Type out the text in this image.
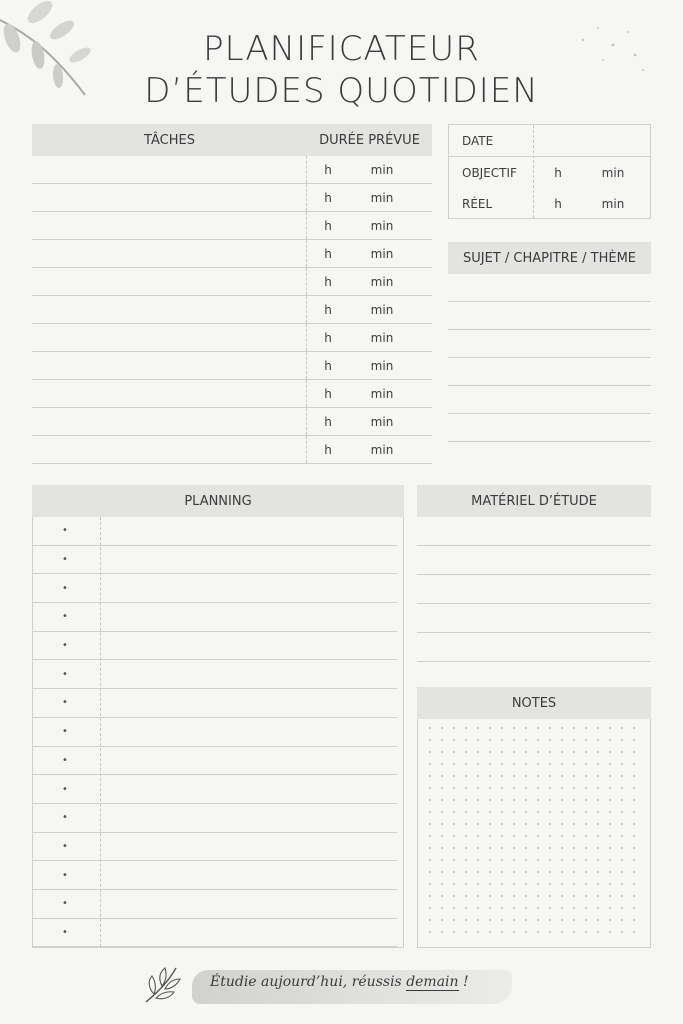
PLANIFICATEUR
D’ÉTUDES QUOTIDIEN
TÂCHES	DURÉE PRÉVUE
h	min
h	min
h	min
h	min
h	min
h	min
h	min
h	min
h	min
h	min
h	min
DATE
OBJECTIF	h	min
RÉEL	h	min
SUJET / CHAPITRE / THÈME
PLANNING
•
•
•
•
•
•
•
•
•
•
•
•
•
•
•
MATÉRIEL D’ÉTUDE
NOTES
Étudie aujourd’hui, réussis demain !
